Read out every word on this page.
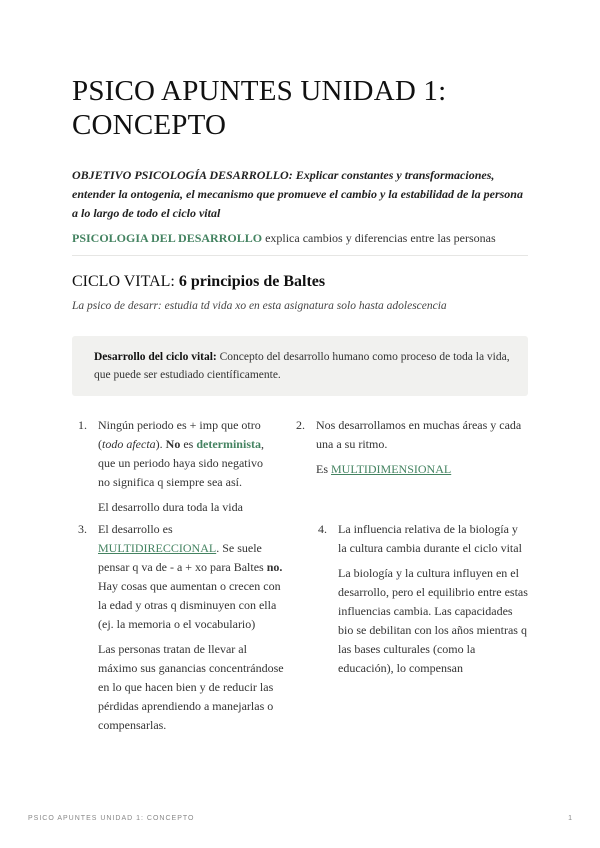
PSICO APUNTES UNIDAD 1:
CONCEPTO

OBJETIVO PSICOLOGÍA DESARROLLO: Explicar constantes y transformaciones, entender la ontogenia, el mecanismo que promueve el cambio y la estabilidad de la persona a lo largo de todo el ciclo vital

PSICOLOGIA DEL DESARROLLO explica cambios y diferencias entre las personas

CICLO VITAL: 6 principios de Baltes

La psico de desarr: estudia td vida xo en esta asignatura solo hasta adolescencia

Desarrollo del ciclo vital: Concepto del desarrollo humano como proceso de toda la vida, que puede ser estudiado científicamente.
1. Ningún periodo es + imp que otro (todo afecta). No es determinista, que un periodo haya sido negativo no significa q siempre sea así.

El desarrollo dura toda la vida

2. Nos desarrollamos en muchas áreas y cada una a su ritmo.

Es MULTIDIMENSIONAL

3. El desarrollo es MULTIDIRECCIONAL. Se suele pensar q va de - a + xo para Baltes no. Hay cosas que aumentan o crecen con la edad y otras q disminuyen con ella (ej. la memoria o el vocabulario)

Las personas tratan de llevar al máximo sus ganancias concentrándose en lo que hacen bien y de reducir las pérdidas aprendiendo a manejarlas o compensarlas.

4. La influencia relativa de la biología y la cultura cambia durante el ciclo vital

La biología y la cultura influyen en el desarrollo, pero el equilibrio entre estas influencias cambia. Las capacidades bio se debilitan con los años mientras q las bases culturales (como la educación), lo compensan

PSICO APUNTES UNIDAD 1: CONCEPTO	1
